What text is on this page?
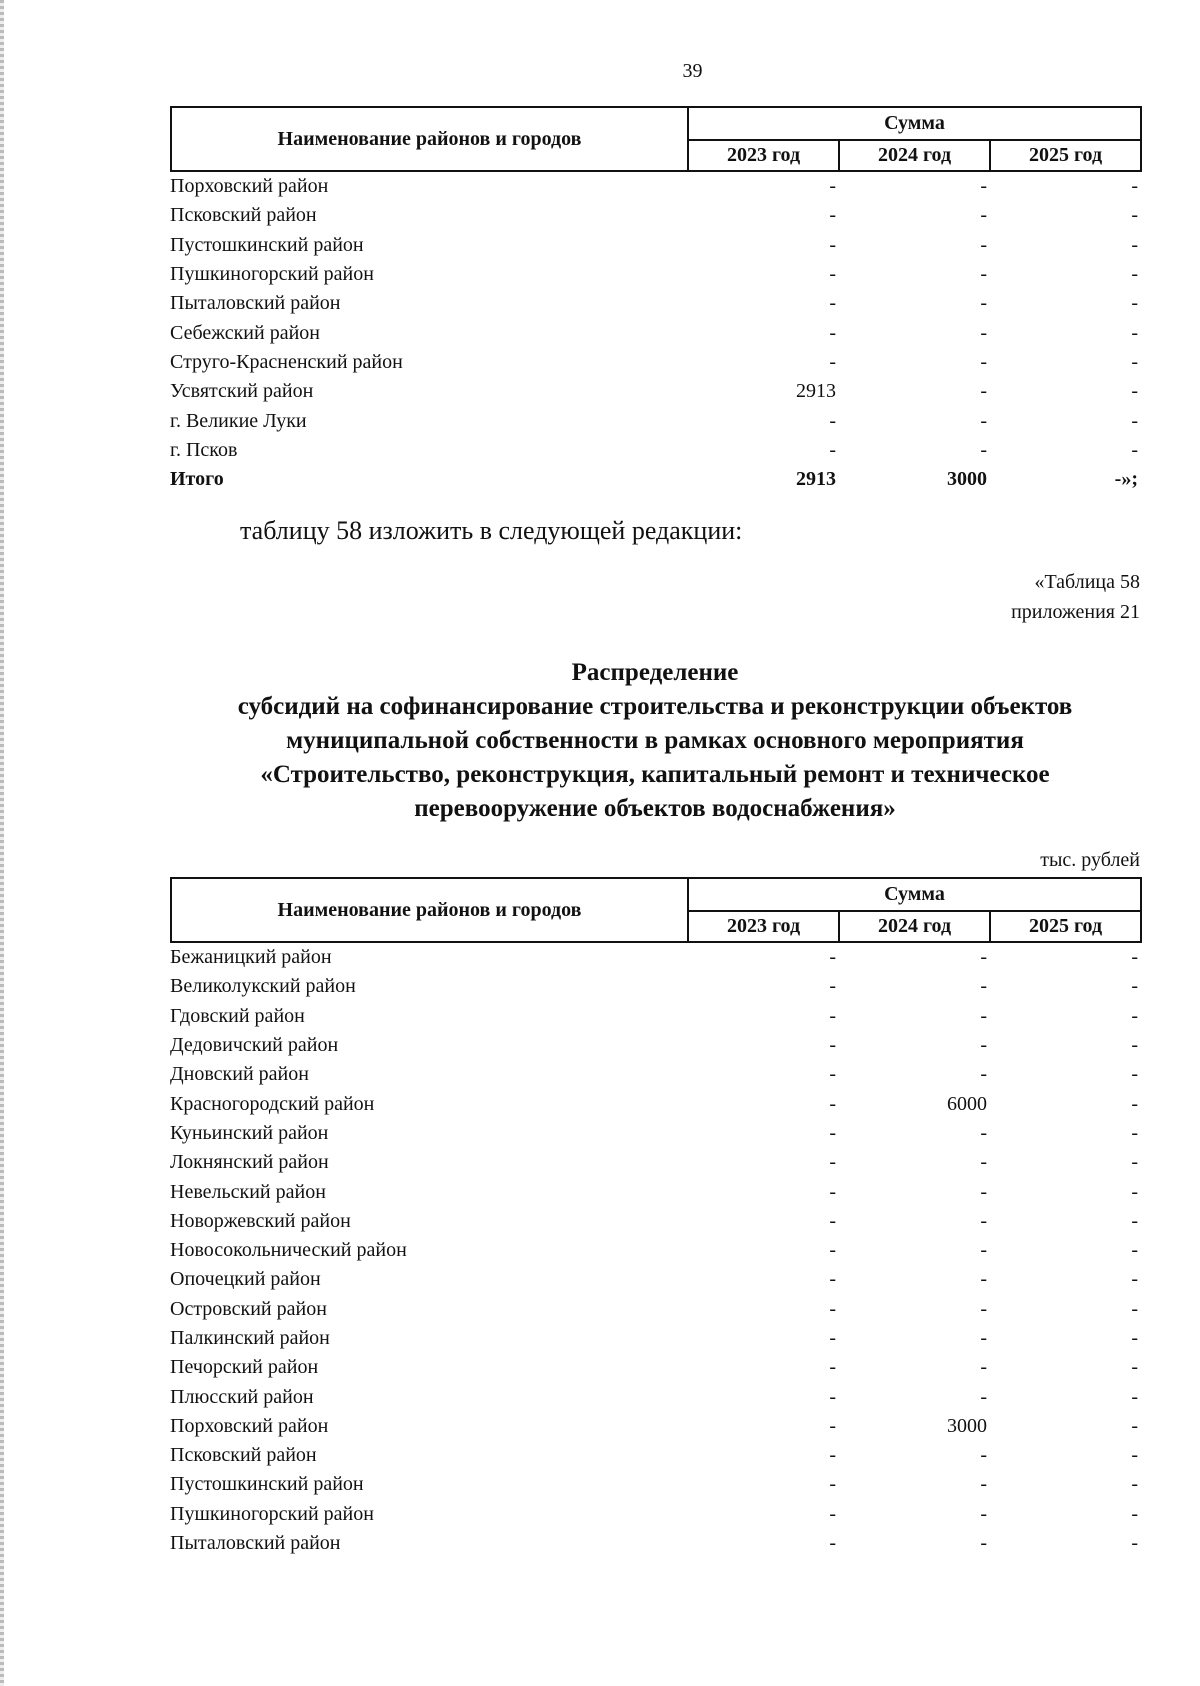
39
Наименование районов и городов	Сумма		
	2023 год	2024 год	2025 год
Порховский район	-	-	-
Псковский район	-	-	-
Пустошкинский район	-	-	-
Пушкиногорский район	-	-	-
Пыталовский район	-	-	-
Себежский район	-	-	-
Струго-Красненский район	-	-	-
Усвятский район	2913	-	-
г. Великие Луки	-	-	-
г. Псков	-	-	-
Итого	2913	3000	-»;
таблицу 58 изложить в следующей редакции:
«Таблица 58
приложения 21
Распределение
субсидий на софинансирование строительства и реконструкции объектов
муниципальной собственности в рамках основного мероприятия
«Строительство, реконструкция, капитальный ремонт и техническое
перевооружение объектов водоснабжения»
тыс. рублей
Наименование районов и городов	Сумма		
	2023 год	2024 год	2025 год
Бежаницкий район	-	-	-
Великолукский район	-	-	-
Гдовский район	-	-	-
Дедовичский район	-	-	-
Дновский район	-	-	-
Красногородский район	-	6000	-
Куньинский район	-	-	-
Локнянский район	-	-	-
Невельский район	-	-	-
Новоржевский район	-	-	-
Новосокольнический район	-	-	-
Опочецкий район	-	-	-
Островский район	-	-	-
Палкинский район	-	-	-
Печорский район	-	-	-
Плюсский район	-	-	-
Порховский район	-	3000	-
Псковский район	-	-	-
Пустошкинский район	-	-	-
Пушкиногорский район	-	-	-
Пыталовский район	-	-	-
